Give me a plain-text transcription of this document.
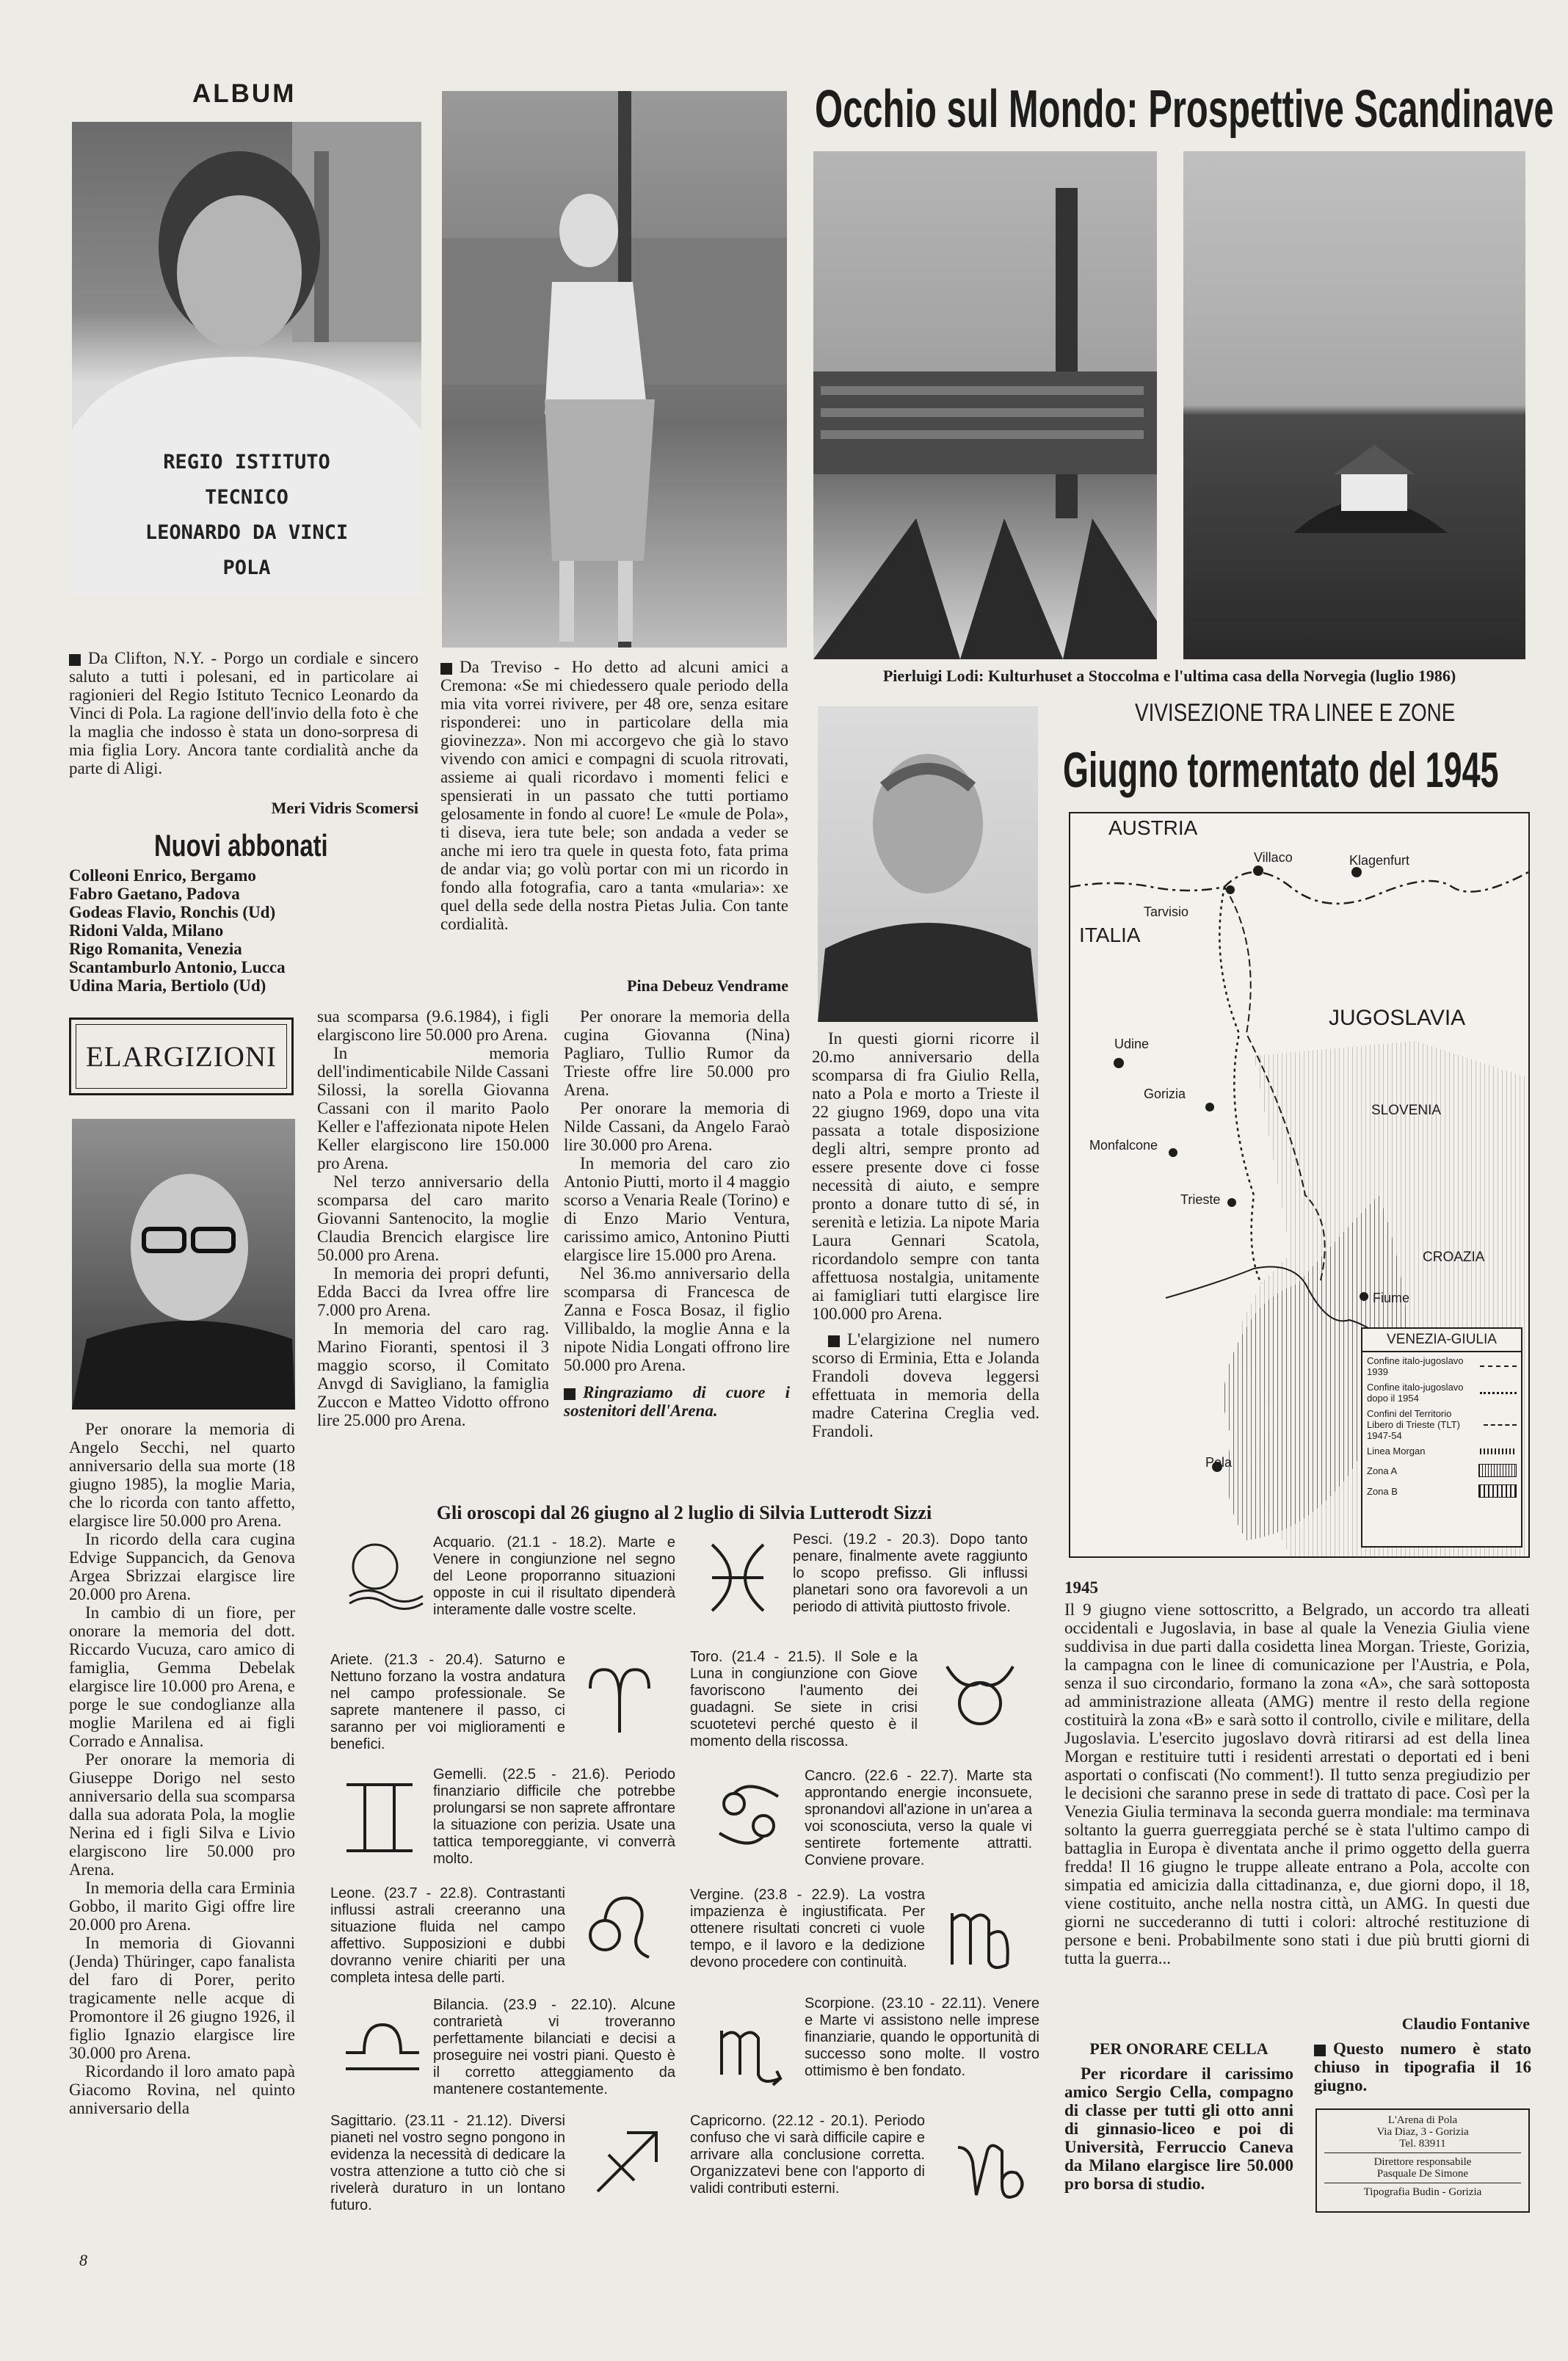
ALBUM
REGIO ISTITUTO
TECNICO
LEONARDO DA VINCI
POLA
Da Clifton, N.Y. - Porgo un cordiale e sincero saluto a tutti i polesani, ed in particolare ai ragionieri del Regio Istituto Tecnico Leonardo da Vinci di Pola. La ragione dell'invio della foto è che la maglia che indosso è stata un dono-sorpresa di mia figlia Lory. Ancora tante cordialità anche da parte di Aligi.
Meri Vidris Scomersi
Nuovi abbonati
Colleoni Enrico, Bergamo
Fabro Gaetano, Padova
Godeas Flavio, Ronchis (Ud)
Ridoni Valda, Milano
Rigo Romanita, Venezia
Scantamburlo Antonio, Lucca
Udina Maria, Bertiolo (Ud)
ELARGIZIONI

Per onorare la memoria di Angelo Secchi, nel quarto anniversario della sua morte (18 giugno 1985), la moglie Maria, che lo ricorda con tanto affetto, elargisce lire 50.000 pro Arena.

In ricordo della cara cugina Edvige Suppancich, da Genova Argea Sbrizzai elargisce lire 20.000 pro Arena.

In cambio di un fiore, per onorare la memoria del dott. Riccardo Vucuza, caro amico di famiglia, Gemma Debelak elargisce lire 10.000 pro Arena, e porge le sue condoglianze alla moglie Marilena ed ai figli Corrado e Annalisa.

Per onorare la memoria di Giuseppe Dorigo nel sesto anniversario della sua scomparsa dalla sua adorata Pola, la moglie Nerina ed i figli Silva e Livio elargiscono lire 50.000 pro Arena.

In memoria della cara Erminia Gobbo, il marito Gigi offre lire 20.000 pro Arena.

In memoria di Giovanni (Jenda) Thüringer, capo fanalista del faro di Porer, perito tragicamente nelle acque di Promontore il 26 giugno 1926, il figlio Ignazio elargisce lire 30.000 pro Arena.

Ricordando il loro amato papà Giacomo Rovina, nel quinto anniversario della

8
Da Treviso - Ho detto ad alcuni amici a Cremona: «Se mi chiedessero quale periodo della mia vita vorrei rivivere, per 48 ore, senza esitare risponderei: uno in particolare della mia giovinezza». Non mi accorgevo che già lo stavo vivendo con amici e compagni di scuola ritrovati, assieme ai quali ricordavo i momenti felici e spensierati in un passato che tutti portiamo gelosamente in fondo al cuore! Le «mule de Pola», ti diseva, iera tute bele; son andada a veder se anche mi iero tra quele in questa foto, fata prima de andar via; go volù portar con mi un ricordo in fondo alla fotografia, caro a tanta «mularia»: xe quel della sede della nostra Pietas Julia. Con tante cordialità.
Pina Debeuz Vendrame

sua scomparsa (9.6.1984), i figli elargiscono lire 50.000 pro Arena.

In memoria dell'indimenticabile Nilde Cassani Silossi, la sorella Giovanna Cassani con il marito Paolo Keller e l'affezionata nipote Helen Keller elargiscono lire 150.000 pro Arena.

Nel terzo anniversario della scomparsa del caro marito Giovanni Santenocito, la moglie Claudia Brencich elargisce lire 50.000 pro Arena.

In memoria dei propri defunti, Edda Bacci da Ivrea offre lire 7.000 pro Arena.

In memoria del caro rag. Marino Fioranti, spentosi il 3 maggio scorso, il Comitato Anvgd di Savigliano, la famiglia Zuccon e Matteo Vidotto offrono lire 25.000 pro Arena.

Per onorare la memoria della cugina Giovanna (Nina) Pagliaro, Tullio Rumor da Trieste offre lire 50.000 pro Arena.

Per onorare la memoria di Nilde Cassani, da Angelo Faraò lire 30.000 pro Arena.

In memoria del caro zio Antonio Piutti, morto il 4 maggio scorso a Venaria Reale (Torino) e di Enzo Mario Ventura, carissimo amico, Antonino Piutti elargisce lire 15.000 pro Arena.

Nel 36.mo anniversario della scomparsa di Francesca de Zanna e Fosca Bosaz, il figlio Villibaldo, la moglie Anna e la nipote Nidia Longati offrono lire 50.000 pro Arena.

Ringraziamo di cuore i sostenitori dell'Arena.

Gli oroscopi dal 26 giugno al 2 luglio di Silvia Lutterodt Sizzi

Acquario. (21.1 - 18.2). Marte e Venere in congiunzione nel segno del Leone proporranno situazioni opposte in cui il risultato dipenderà interamente dalle vostre scelte.

Pesci. (19.2 - 20.3). Dopo tanto penare, finalmente avete raggiunto lo scopo prefisso. Gli influssi planetari sono ora favorevoli a un periodo di attività piuttosto frivole.

Ariete. (21.3 - 20.4). Saturno e Nettuno forzano la vostra andatura nel campo professionale. Se saprete mantenere il passo, ci saranno per voi miglioramenti e benefici.

Toro. (21.4 - 21.5). Il Sole e la Luna in congiunzione con Giove favoriscono l'aumento dei guadagni. Se siete in crisi scuotetevi perché questo è il momento della riscossa.

Gemelli. (22.5 - 21.6). Periodo finanziario difficile che potrebbe prolungarsi se non saprete affrontare la situazione con perizia. Usate una tattica temporeggiante, vi converrà molto.

Cancro. (22.6 - 22.7). Marte sta approntando energie inconsuete, spronandovi all'azione in un'area a voi sconosciuta, verso la quale vi sentirete fortemente attratti. Conviene provare.

Leone. (23.7 - 22.8). Contrastanti influssi astrali creeranno una situazione fluida nel campo affettivo. Supposizioni e dubbi dovranno venire chiariti per una completa intesa delle parti.

Vergine. (23.8 - 22.9). La vostra impazienza è ingiustificata. Per ottenere risultati concreti ci vuole tempo, e il lavoro e la dedizione devono procedere con continuità.

Bilancia. (23.9 - 22.10). Alcune contrarietà vi troveranno perfettamente bilanciati e decisi a proseguire nei vostri piani. Questo è il corretto atteggiamento da mantenere costantemente.

Scorpione. (23.10 - 22.11). Venere e Marte vi assistono nelle imprese finanziarie, quando le opportunità di successo sono molte. Il vostro ottimismo è ben fondato.

Sagittario. (23.11 - 21.12). Diversi pianeti nel vostro segno pongono in evidenza la necessità di dedicare la vostra attenzione a tutto ciò che si rivelerà duraturo in un lontano futuro.

Capricorno. (22.12 - 20.1). Periodo confuso che vi sarà difficile capire e arrivare alla conclusione corretta. Organizzatevi bene con l'apporto di validi contributi esterni.

Occhio sul Mondo: Prospettive Scandinave
Pierluigi Lodi: Kulturhuset a Stoccolma e l'ultima casa della Norvegia (luglio 1986)

In questi giorni ricorre il 20.mo anniversario della scomparsa di fra Giulio Rella, nato a Pola e morto a Trieste il 22 giugno 1969, dopo una vita passata a totale disposizione degli altri, sempre pronto ad essere presente dove ci fosse necessità di aiuto, e sempre pronto a donare tutto di sé, in serenità e letizia. La nipote Maria Laura Gennari Scatola, ricordandolo sempre con tanta affettuosa nostalgia, unitamente ai famigliari tutti elargisce lire 100.000 pro Arena.

L'elargizione nel numero scorso di Erminia, Etta e Jolanda Frandoli doveva leggersi effettuata in memoria della madre Caterina Creglia ved. Frandoli.

VIVISEZIONE TRA LINEE E ZONE
Giugno tormentato del 1945
AUSTRIA
Villaco	Klagenfurt
Tarvisio
ITALIA
JUGOSLAVIA
Udine
Gorizia
SLOVENIA
Monfalcone
Trieste
CROAZIA
Fiume
Pola
VENEZIA-GIULIA
Confine italo-jugoslavo 1939
Confine italo-jugoslavo dopo il 1954
Confini del Territorio Libero di Trieste (TLT) 1947-54
Linea Morgan
Zona A
Zona B
1945

Il 9 giugno viene sottoscritto, a Belgrado, un accordo tra alleati occidentali e Jugoslavia, in base al quale la Venezia Giulia viene suddivisa in due parti dalla cosidetta linea Morgan. Trieste, Gorizia, la campagna con le linee di comunicazione per l'Austria, e Pola, senza il suo circondario, formano la zona «A», che sarà sottoposta ad amministrazione alleata (AMG) mentre il resto della regione costituirà la zona «B» e sarà sotto il controllo, civile e militare, della Jugoslavia. L'esercito jugoslavo dovrà ritirarsi ad est della linea Morgan e restituire tutti i residenti arrestati o deportati ed i beni asportati o confiscati (No comment!). Il tutto senza pregiudizio per le decisioni che saranno prese in sede di trattato di pace. Così per la Venezia Giulia terminava la seconda guerra mondiale: ma terminava soltanto la guerra guerreggiata perché se è stata l'ultimo campo di battaglia in Europa è diventata anche il primo oggetto della guerra fredda! Il 16 giugno le truppe alleate entrano a Pola, accolte con simpatia ed amicizia dalla cittadinanza, e, due giorni dopo, il 18, viene costituito, anche nella nostra città, un AMG. In questi due giorni ne succederanno di tutti i colori: altroché restituzione di persone e beni. Probabilmente sono stati i due più brutti giorni di tutta la guerra...

Claudio Fontanive
PER ONORARE CELLA
Per ricordare il carissimo amico Sergio Cella, compagno di classe per tutti gli otto anni di ginnasio-liceo e poi di Università, Ferruccio Caneva da Milano elargisce lire 50.000 pro borsa di studio.
Questo numero è stato chiuso in tipografia il 16 giugno.
L'Arena di Pola
Via Diaz, 3 - Gorizia
Tel. 83911
Direttore responsabile
Pasquale De Simone
Tipografia Budin - Gorizia
